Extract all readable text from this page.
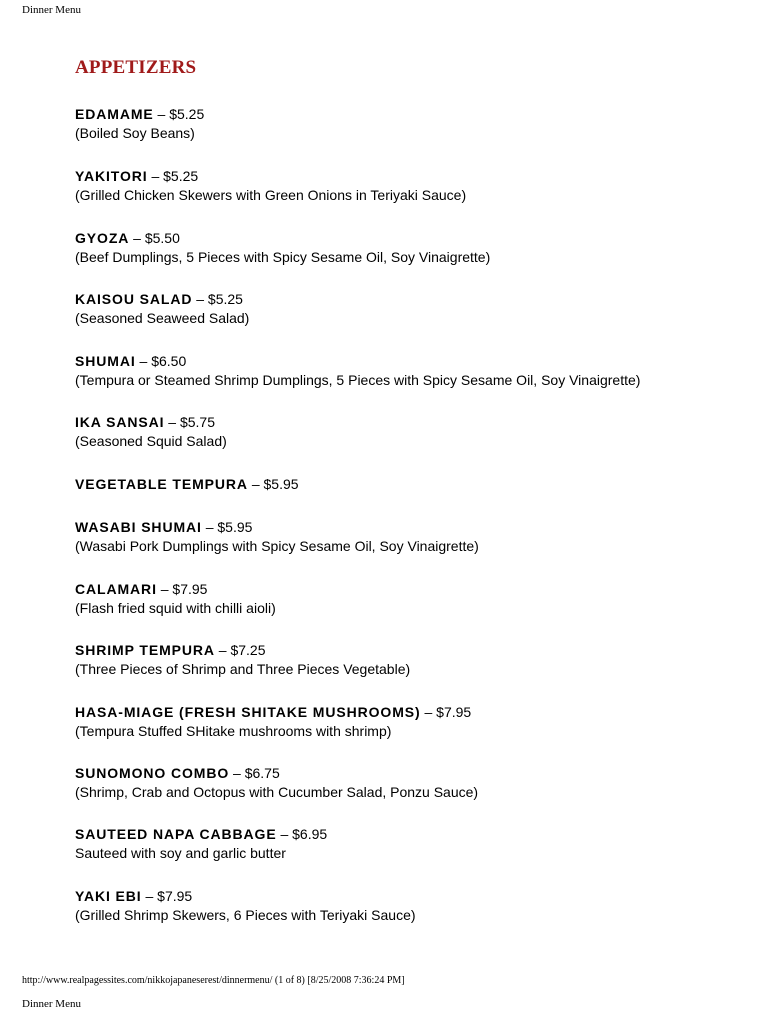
Dinner Menu
APPETIZERS
EDAMAME – $5.25
(Boiled Soy Beans)
YAKITORI – $5.25
(Grilled Chicken Skewers with Green Onions in Teriyaki Sauce)
GYOZA – $5.50
(Beef Dumplings, 5 Pieces with Spicy Sesame Oil, Soy Vinaigrette)
KAISOU SALAD – $5.25
(Seasoned Seaweed Salad)
SHUMAI – $6.50
(Tempura or Steamed Shrimp Dumplings, 5 Pieces with Spicy Sesame Oil, Soy Vinaigrette)
IKA SANSAI – $5.75
(Seasoned Squid Salad)
VEGETABLE TEMPURA – $5.95
WASABI SHUMAI – $5.95
(Wasabi Pork Dumplings with Spicy Sesame Oil, Soy Vinaigrette)
CALAMARI – $7.95
(Flash fried squid with chilli aioli)
SHRIMP TEMPURA – $7.25
(Three Pieces of Shrimp and Three Pieces Vegetable)
HASA-MIAGE (FRESH SHITAKE MUSHROOMS) – $7.95
(Tempura Stuffed SHitake mushrooms with shrimp)
SUNOMONO COMBO – $6.75
(Shrimp, Crab and Octopus with Cucumber Salad, Ponzu Sauce)
SAUTEED NAPA CABBAGE – $6.95
Sauteed with soy and garlic butter
YAKI EBI – $7.95
(Grilled Shrimp Skewers, 6 Pieces with Teriyaki Sauce)
http://www.realpagessites.com/nikkojapaneserest/dinnermenu/ (1 of 8) [8/25/2008 7:36:24 PM]
Dinner Menu
